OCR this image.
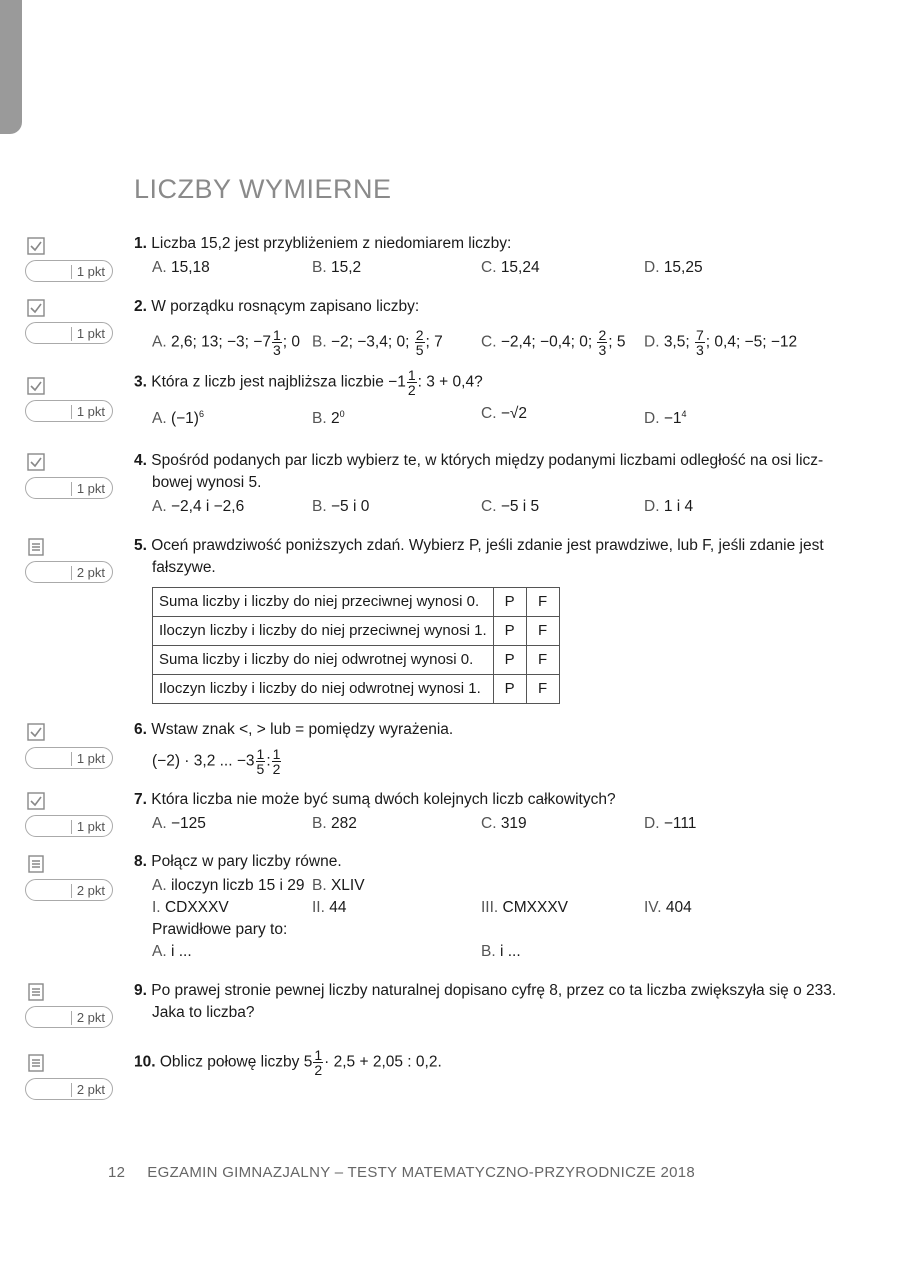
LICZBY WYMIERNE
1 pkt
1 pkt
1 pkt
1 pkt
2 pkt
1 pkt
1 pkt
2 pkt
2 pkt
2 pkt
1. Liczba 15,2 jest przybliżeniem z niedomiarem liczby:
A. 15,18	B. 15,2	C. 15,24	D. 15,25
2. W porządku rosnącym zapisano liczby:
A. 2,6; 13; −3; $-7 \frac{1}{3}$ ; 0 B. −2; −3,4; 0; $\frac{2}{5}$ ; 7 C. −2,4; −0,4; 0; $\frac{2}{3}$ ; 5 D. 3,5; $\frac{7}{3}$ ; 0,4; −5; −12
3. Która z liczb jest najbliższa liczbie $-1 \frac{1}{2}$ : 3 + 0,4?
A. $(-1)^6$	B. $2^0$	C. −√2	D. $-1^4$
4. Spośród podanych par liczb wybierz te, w których między podanymi liczbami odległość na osi licz-
bowej wynosi 5.
A. −2,4 i −2,6	B. −5 i 0	C. −5 i 5	D. 1 i 4
5. Oceń prawdziwość poniższych zdań. Wybierz P, jeśli zdanie jest prawdziwe, lub F, jeśli zdanie jest
fałszywe.
Suma liczby i liczby do niej przeciwnej wynosi 0.	P	F
Iloczyn liczby i liczby do niej przeciwnej wynosi 1.	P	F
Suma liczby i liczby do niej odwrotnej wynosi 0.	P	F
Iloczyn liczby i liczby do niej odwrotnej wynosi 1.	P	F
6. Wstaw znak <, > lub = pomiędzy wyrażenia.
(−2) · 3,2 ... $-3 \frac{1}{5}$ : $\frac{1}{2}$
7. Która liczba nie może być sumą dwóch kolejnych liczb całkowitych?
A. −125	B. 282	C. 319	D. −111
8. Połącz w pary liczby równe.
A. iloczyn liczb 15 i 29 B. XLIV
I. CDXXXV	II. 44	III. CMXXXV	IV. 404
Prawidłowe pary to:
A. i ...	B. i ...
9. Po prawej stronie pewnej liczby naturalnej dopisano cyfrę 8, przez co ta liczba zwiększyła się o 233.
Jaka to liczba?
10. Oblicz połowę liczby $5 \frac{1}{2} \cdot 2,5 + 2,05$ : 0,2.
12 EGZAMIN GIMNAZJALNY – TESTY MATEMATYCZNO-PRZYRODNICZE 2018
